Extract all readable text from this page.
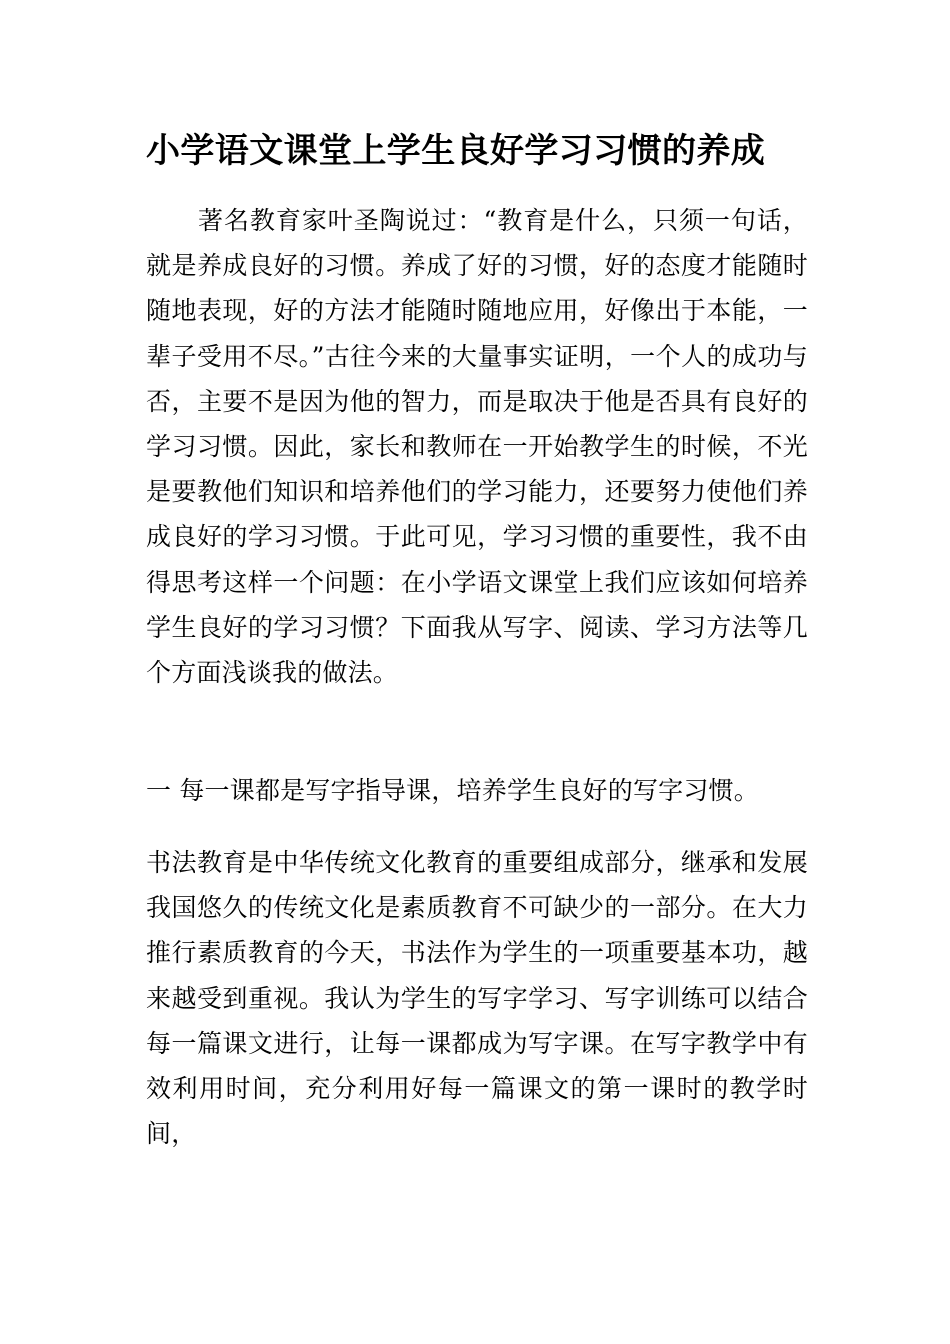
小学语文课堂上学生良好学习习惯的养成

著名教育家叶圣陶说过：“教育是什么，只须一句话，就是养成良好的习惯。养成了好的习惯，好的态度才能随时随地表现，好的方法才能随时随地应用，好像出于本能，一辈子受用不尽。”古往今来的大量事实证明，一个人的成功与否，主要不是因为他的智力，而是取决于他是否具有良好的学习习惯。因此，家长和教师在一开始教学生的时候，不光是要教他们知识和培养他们的学习能力，还要努力使他们养成良好的学习习惯。于此可见，学习习惯的重要性，我不由得思考这样一个问题：在小学语文课堂上我们应该如何培养学生良好的学习习惯？下面我从写字、阅读、学习方法等几个方面浅谈我的做法。

一 每一课都是写字指导课，培养学生良好的写字习惯。

书法教育是中华传统文化教育的重要组成部分，继承和发展我国悠久的传统文化是素质教育不可缺少的一部分。在大力推行素质教育的今天，书法作为学生的一项重要基本功，越来越受到重视。我认为学生的写字学习、写字训练可以结合每一篇课文进行，让每一课都成为写字课。在写字教学中有效利用时间，充分利用好每一篇课文的第一课时的教学时间，
